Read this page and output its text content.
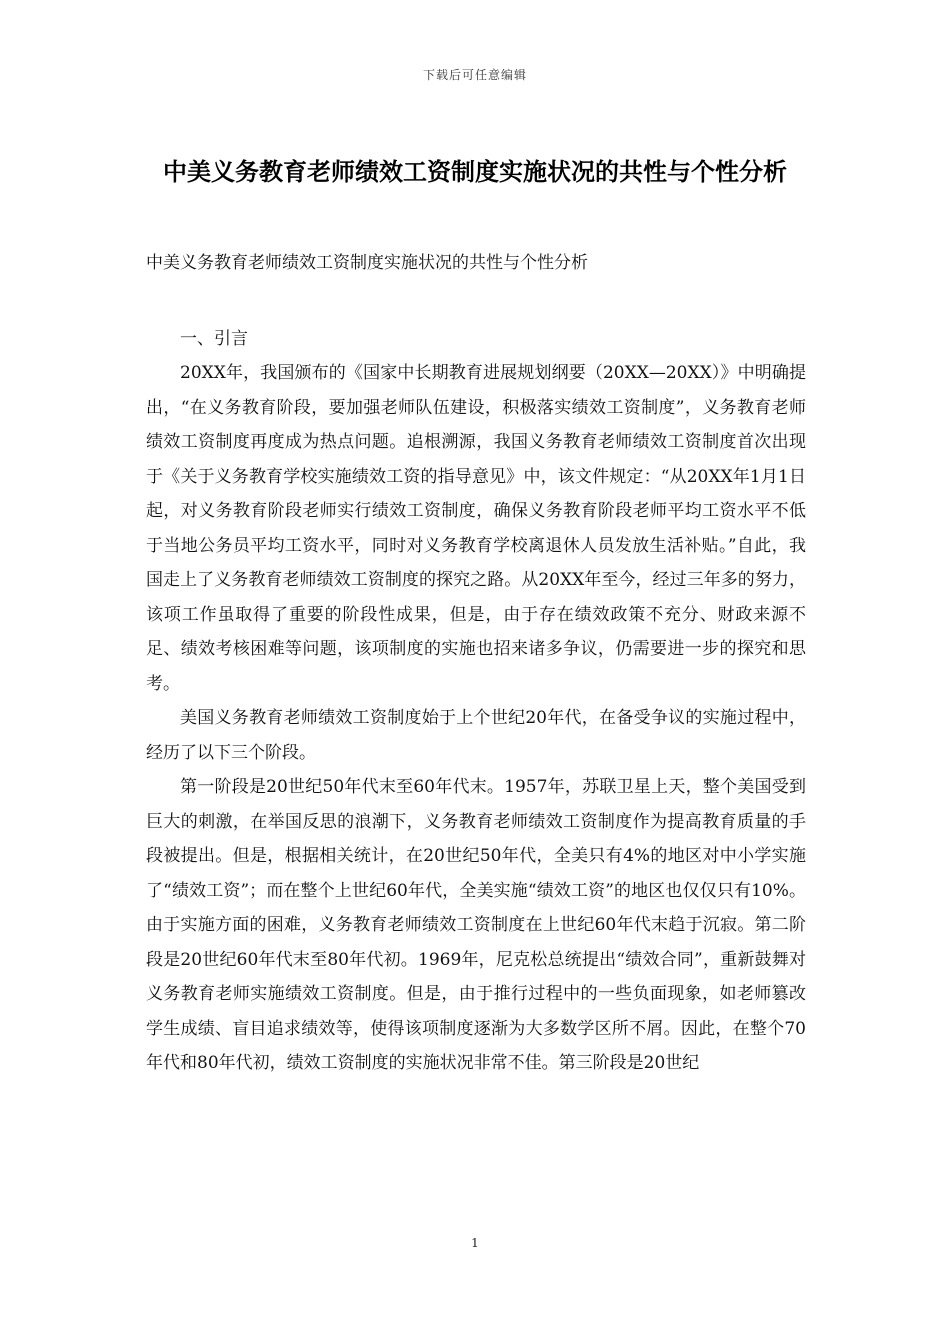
下载后可任意编辑
中美义务教育老师绩效工资制度实施状况的共性与个性分析

中美义务教育老师绩效工资制度实施状况的共性与个性分析

一、引言

20XX年，我国颁布的《国家中长期教育进展规划纲要（20XX—20XX）》中明确提出，“在义务教育阶段，要加强老师队伍建设，积极落实绩效工资制度”，义务教育老师绩效工资制度再度成为热点问题。追根溯源，我国义务教育老师绩效工资制度首次出现于《关于义务教育学校实施绩效工资的指导意见》中，该文件规定：“从20XX年1月1日起，对义务教育阶段老师实行绩效工资制度，确保义务教育阶段老师平均工资水平不低于当地公务员平均工资水平，同时对义务教育学校离退休人员发放生活补贴。”自此，我国走上了义务教育老师绩效工资制度的探究之路。从20XX年至今，经过三年多的努力，该项工作虽取得了重要的阶段性成果，但是，由于存在绩效政策不充分、财政来源不足、绩效考核困难等问题，该项制度的实施也招来诸多争议，仍需要进一步的探究和思考。

美国义务教育老师绩效工资制度始于上个世纪20年代，在备受争议的实施过程中，经历了以下三个阶段。

第一阶段是20世纪50年代末至60年代末。1957年，苏联卫星上天，整个美国受到巨大的刺激，在举国反思的浪潮下，义务教育老师绩效工资制度作为提高教育质量的手段被提出。但是，根据相关统计，在20世纪50年代，全美只有4%的地区对中小学实施了“绩效工资”；而在整个上世纪60年代，全美实施“绩效工资”的地区也仅仅只有10%。由于实施方面的困难，义务教育老师绩效工资制度在上世纪60年代末趋于沉寂。第二阶段是20世纪60年代末至80年代初。1969年，尼克松总统提出“绩效合同”，重新鼓舞对义务教育老师实施绩效工资制度。但是，由于推行过程中的一些负面现象，如老师篡改学生成绩、盲目追求绩效等，使得该项制度逐渐为大多数学区所不屑。因此，在整个70年代和80年代初，绩效工资制度的实施状况非常不佳。第三阶段是20世纪

1
